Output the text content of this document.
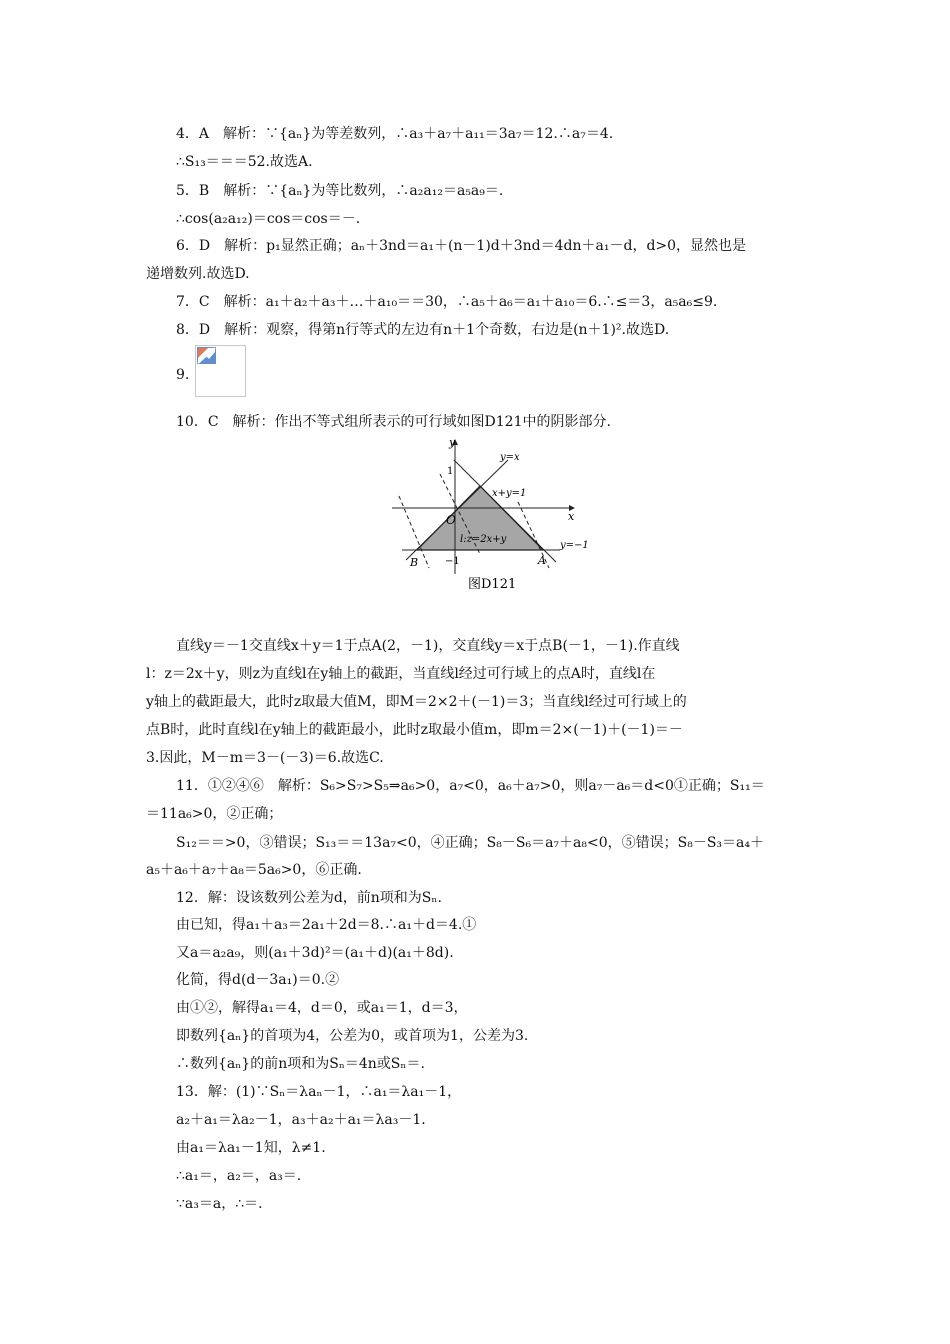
4．A　解析：∵{aₙ}为等差数列，∴a₃＋a₇＋a₁₁＝3a₇＝12.∴a₇＝4.
∴S₁₃＝＝＝52.故选A.
5．B　解析：∵{aₙ}为等比数列，∴a₂a₁₂＝a₅a₉＝.
∴cos(a₂a₁₂)＝cos＝cos＝－.
6．D　解析：p₁显然正确；aₙ＋3nd＝a₁＋(n－1)d＋3nd＝4dn＋a₁－d，d>0，显然也是
递增数列.故选D.
7．C　解析：a₁＋a₂＋a₃＋…＋a₁₀＝＝30，∴a₅＋a₆＝a₁＋a₁₀＝6.∴≤＝3，a₅a₆≤9.
8．D　解析：观察，得第n行等式的左边有n＋1个奇数，右边是(n＋1)².故选D.
9.
10．C　解析：作出不等式组所表示的可行域如图D121中的阴影部分.
y
x
y=x
x+y=1
l:z=2x+y
y=−1
1
−1
O
A
B
图D121
直线y＝－1交直线x＋y＝1于点A(2，－1)，交直线y＝x于点B(－1，－1).作直线
l：z＝2x＋y，则z为直线l在y轴上的截距，当直线l经过可行域上的点A时，直线l在
y轴上的截距最大，此时z取最大值M，即M＝2×2＋(－1)＝3；当直线l经过可行域上的
点B时，此时直线l在y轴上的截距最小，此时z取最小值m，即m＝2×(－1)＋(－1)＝－
3.因此，M－m＝3－(－3)＝6.故选C.
11．①②④⑥　解析：S₆>S₇>S₅⇒a₆>0，a₇<0，a₆＋a₇>0，则a₇－a₆＝d<0①正确；S₁₁＝
＝11a₆>0，②正确；
S₁₂＝＝>0，③错误；S₁₃＝＝13a₇<0，④正确；S₈－S₆＝a₇＋a₈<0，⑤错误；S₈－S₃＝a₄＋
a₅＋a₆＋a₇＋a₈＝5a₆>0，⑥正确.
12．解：设该数列公差为d，前n项和为Sₙ.
由已知，得a₁＋a₃＝2a₁＋2d＝8.∴a₁＋d＝4.①
又a＝a₂a₉，则(a₁＋3d)²＝(a₁＋d)(a₁＋8d).
化简，得d(d－3a₁)＝0.②
由①②，解得a₁＝4，d＝0，或a₁＝1，d＝3，
即数列{aₙ}的首项为4，公差为0，或首项为1，公差为3.
∴数列{aₙ}的前n项和为Sₙ＝4n或Sₙ＝.
13．解：(1)∵Sₙ＝λaₙ－1，∴a₁＝λa₁－1，
a₂＋a₁＝λa₂－1，a₃＋a₂＋a₁＝λa₃－1.
由a₁＝λa₁－1知，λ≠1.
∴a₁＝，a₂＝，a₃＝.
∵a₃＝a，∴＝.
